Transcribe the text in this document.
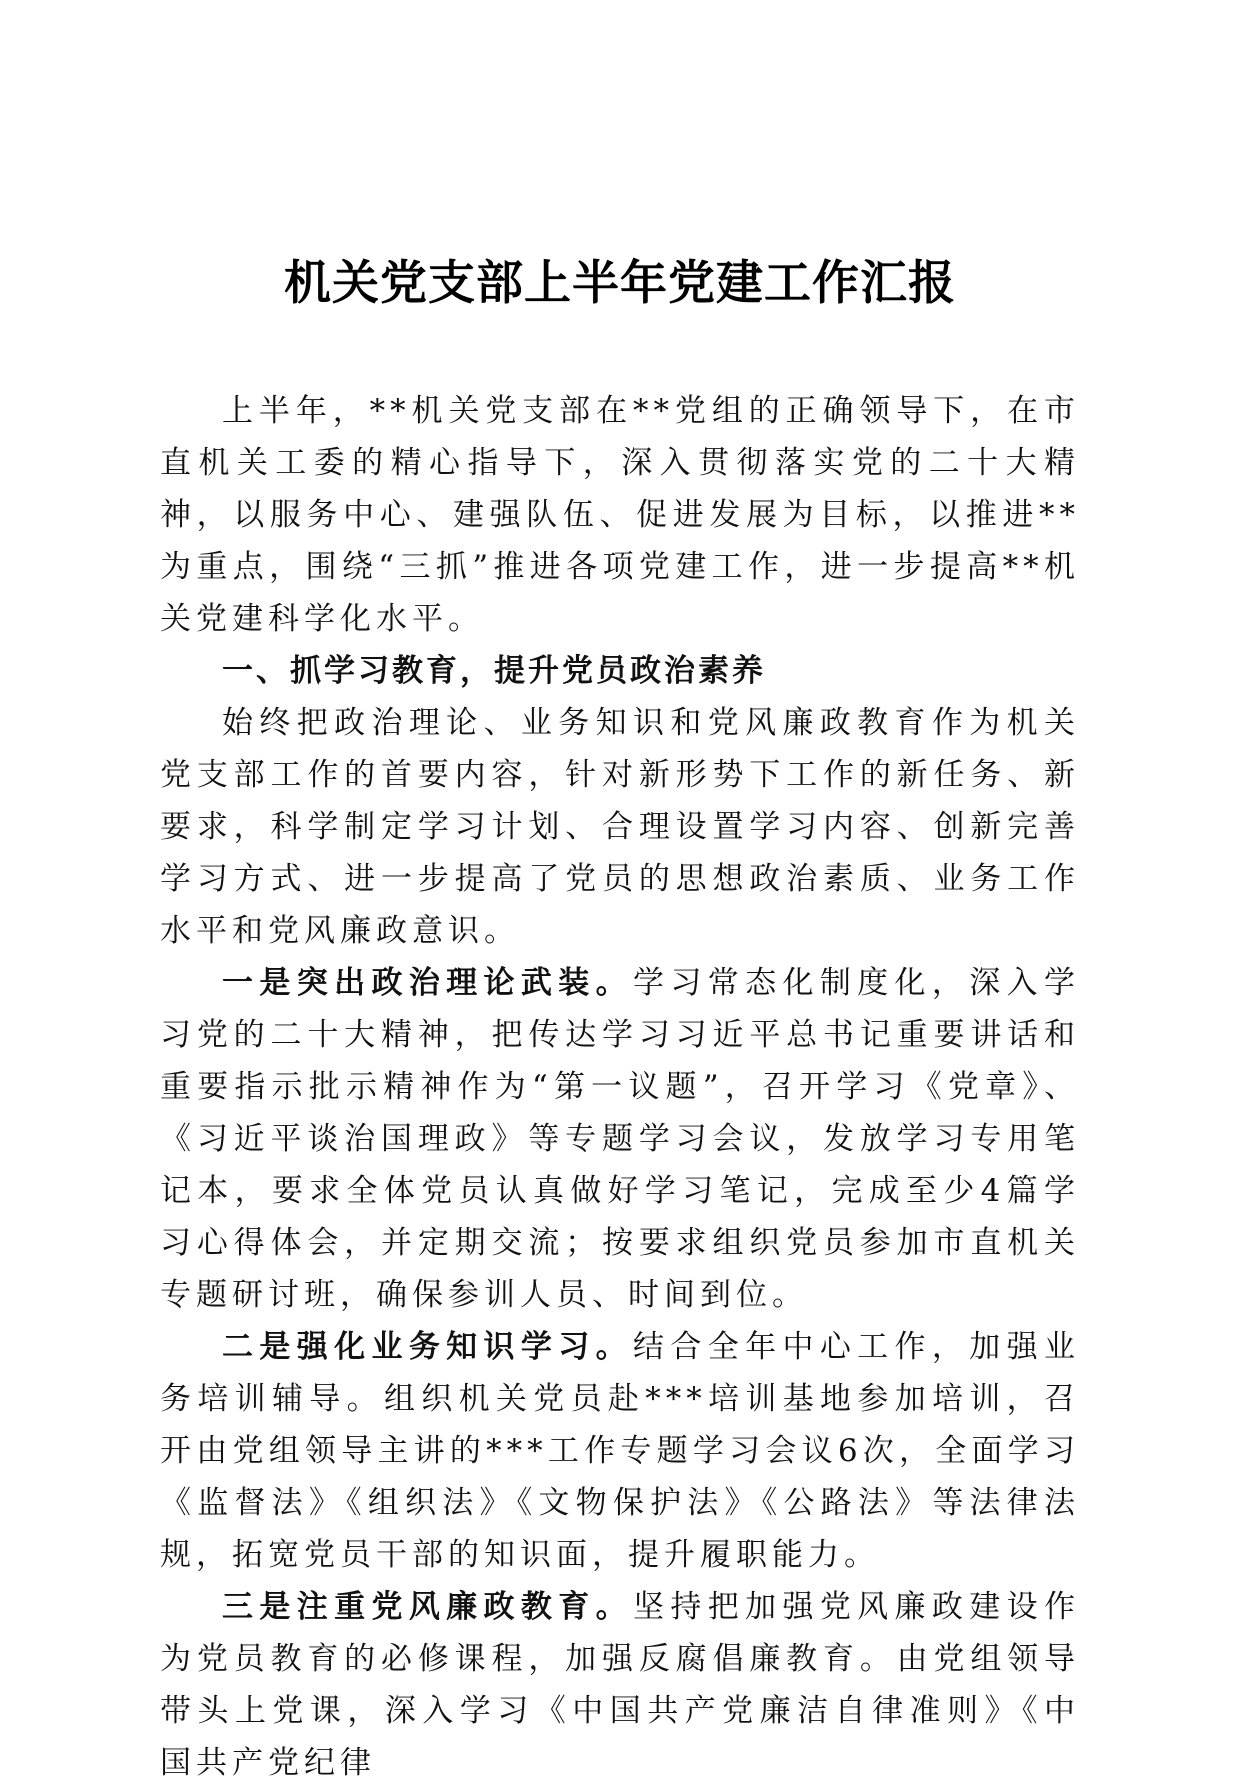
机关党支部上半年党建工作汇报

上半年，**机关党支部在**党组的正确领导下，在市直机关工委的精心指导下，深入贯彻落实党的二十大精神，以服务中心、建强队伍、促进发展为目标，以推进**为重点，围绕“三抓”推进各项党建工作，进一步提高**机关党建科学化水平。

一、抓学习教育，提升党员政治素养

始终把政治理论、业务知识和党风廉政教育作为机关党支部工作的首要内容，针对新形势下工作的新任务、新要求，科学制定学习计划、合理设置学习内容、创新完善学习方式、进一步提高了党员的思想政治素质、业务工作水平和党风廉政意识。

一是突出政治理论武装。学习常态化制度化，深入学习党的二十大精神，把传达学习习近平总书记重要讲话和重要指示批示精神作为“第一议题”，召开学习《党章》、《习近平谈治国理政》等专题学习会议，发放学习专用笔记本，要求全体党员认真做好学习笔记，完成至少4篇学习心得体会，并定期交流；按要求组织党员参加市直机关专题研讨班，确保参训人员、时间到位。

二是强化业务知识学习。结合全年中心工作，加强业务培训辅导。组织机关党员赴***培训基地参加培训，召开由党组领导主讲的***工作专题学习会议6次，全面学习《监督法》《组织法》《文物保护法》《公路法》等法律法规，拓宽党员干部的知识面，提升履职能力。

三是注重党风廉政教育。坚持把加强党风廉政建设作为党员教育的必修课程，加强反腐倡廉教育。由党组领导带头上党课，深入学习《中国共产党廉洁自律准则》《中国共产党纪律
